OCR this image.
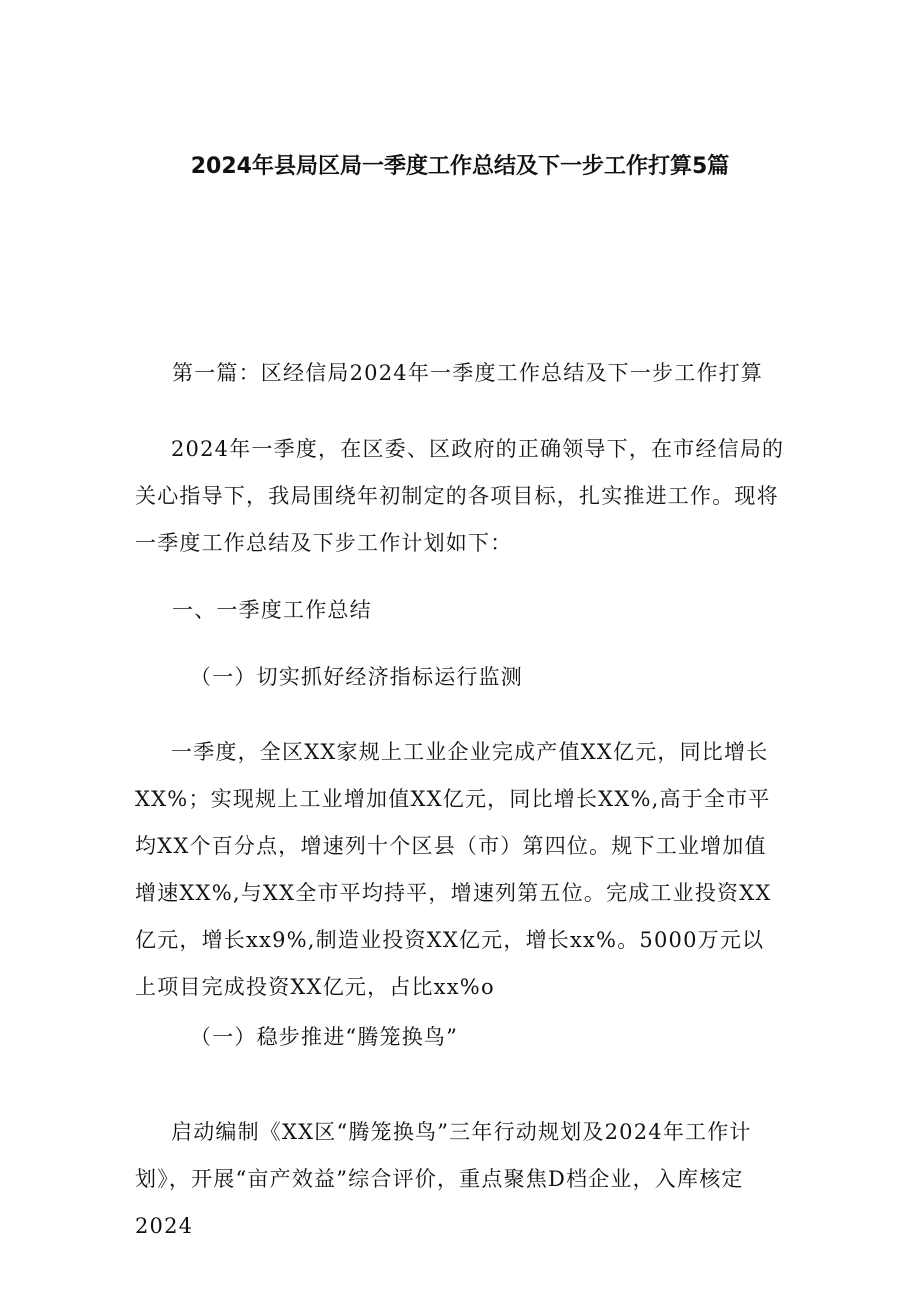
2024年县局区局一季度工作总结及下一步工作打算5篇

第一篇：区经信局2024年一季度工作总结及下一步工作打算

2024年一季度，在区委、区政府的正确领导下，在市经信局的关心指导下，我局围绕年初制定的各项目标，扎实推进工作。现将一季度工作总结及下步工作计划如下：

一、一季度工作总结

（一）切实抓好经济指标运行监测

一季度，全区XX家规上工业企业完成产值XX亿元，同比增长XX%；实现规上工业增加值XX亿元，同比增长XX%,高于全市平均XX个百分点，增速列十个区县（市）第四位。规下工业增加值增速XX%,与XX全市平均持平，增速列第五位。完成工业投资XX亿元，增长xx9%,制造业投资XX亿元，增长xx%。5000万元以上项目完成投资XX亿元，占比xx%o

（一）稳步推进“腾笼换鸟”

启动编制《XX区“腾笼换鸟”三年行动规划及2024年工作计划》，开展“亩产效益”综合评价，重点聚焦D档企业，入库核定2024
